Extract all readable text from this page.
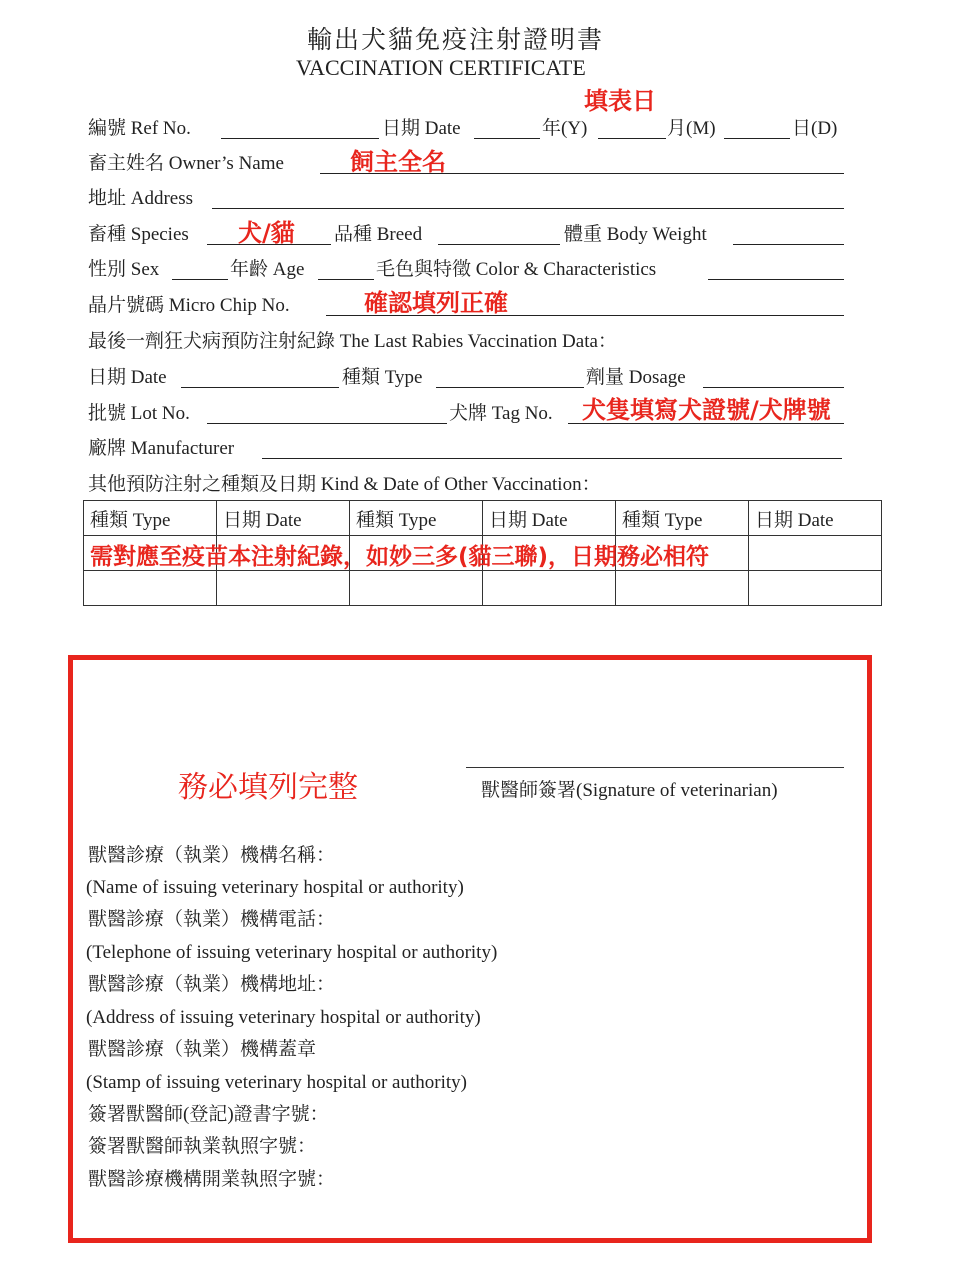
輸出犬貓免疫注射證明書
VACCINATION CERTIFICATE
填表日
編號 Ref No.	日期 Date	年(Y)	月(M)	日(D)
畜主姓名 Owner’s Name	飼主全名
地址 Address
畜種 Species 犬/貓 品種 Breed	體重 Body Weight
性別 Sex	年齡 Age	毛色與特徵 Color & Characteristics
晶片號碼 Micro Chip No.	確認填列正確
最後一劑狂犬病預防注射紀錄 The Last Rabies Vaccination Data：
日期 Date	種類 Type	劑量 Dosage
批號 Lot No.	犬牌 Tag No. 犬隻填寫犬證號/犬牌號
廠牌 Manufacturer
其他預防注射之種類及日期 Kind & Date of Other Vaccination：
種類 Type	日期 Date	種類 Type	日期 Date	種類 Type	日期 Date

需對應至疫苗本注射紀錄，如妙三多(貓三聯)，日期務必相符
務必填列完整	獸醫師簽署(Signature of veterinarian)
獸醫診療（執業）機構名稱：
(Name of issuing veterinary hospital or authority)
獸醫診療（執業）機構電話：
(Telephone of issuing veterinary hospital or authority)
獸醫診療（執業）機構地址：
(Address of issuing veterinary hospital or authority)
獸醫診療（執業）機構蓋章
(Stamp of issuing veterinary hospital or authority)
簽署獸醫師(登記)證書字號：
簽署獸醫師執業執照字號：
獸醫診療機構開業執照字號：
